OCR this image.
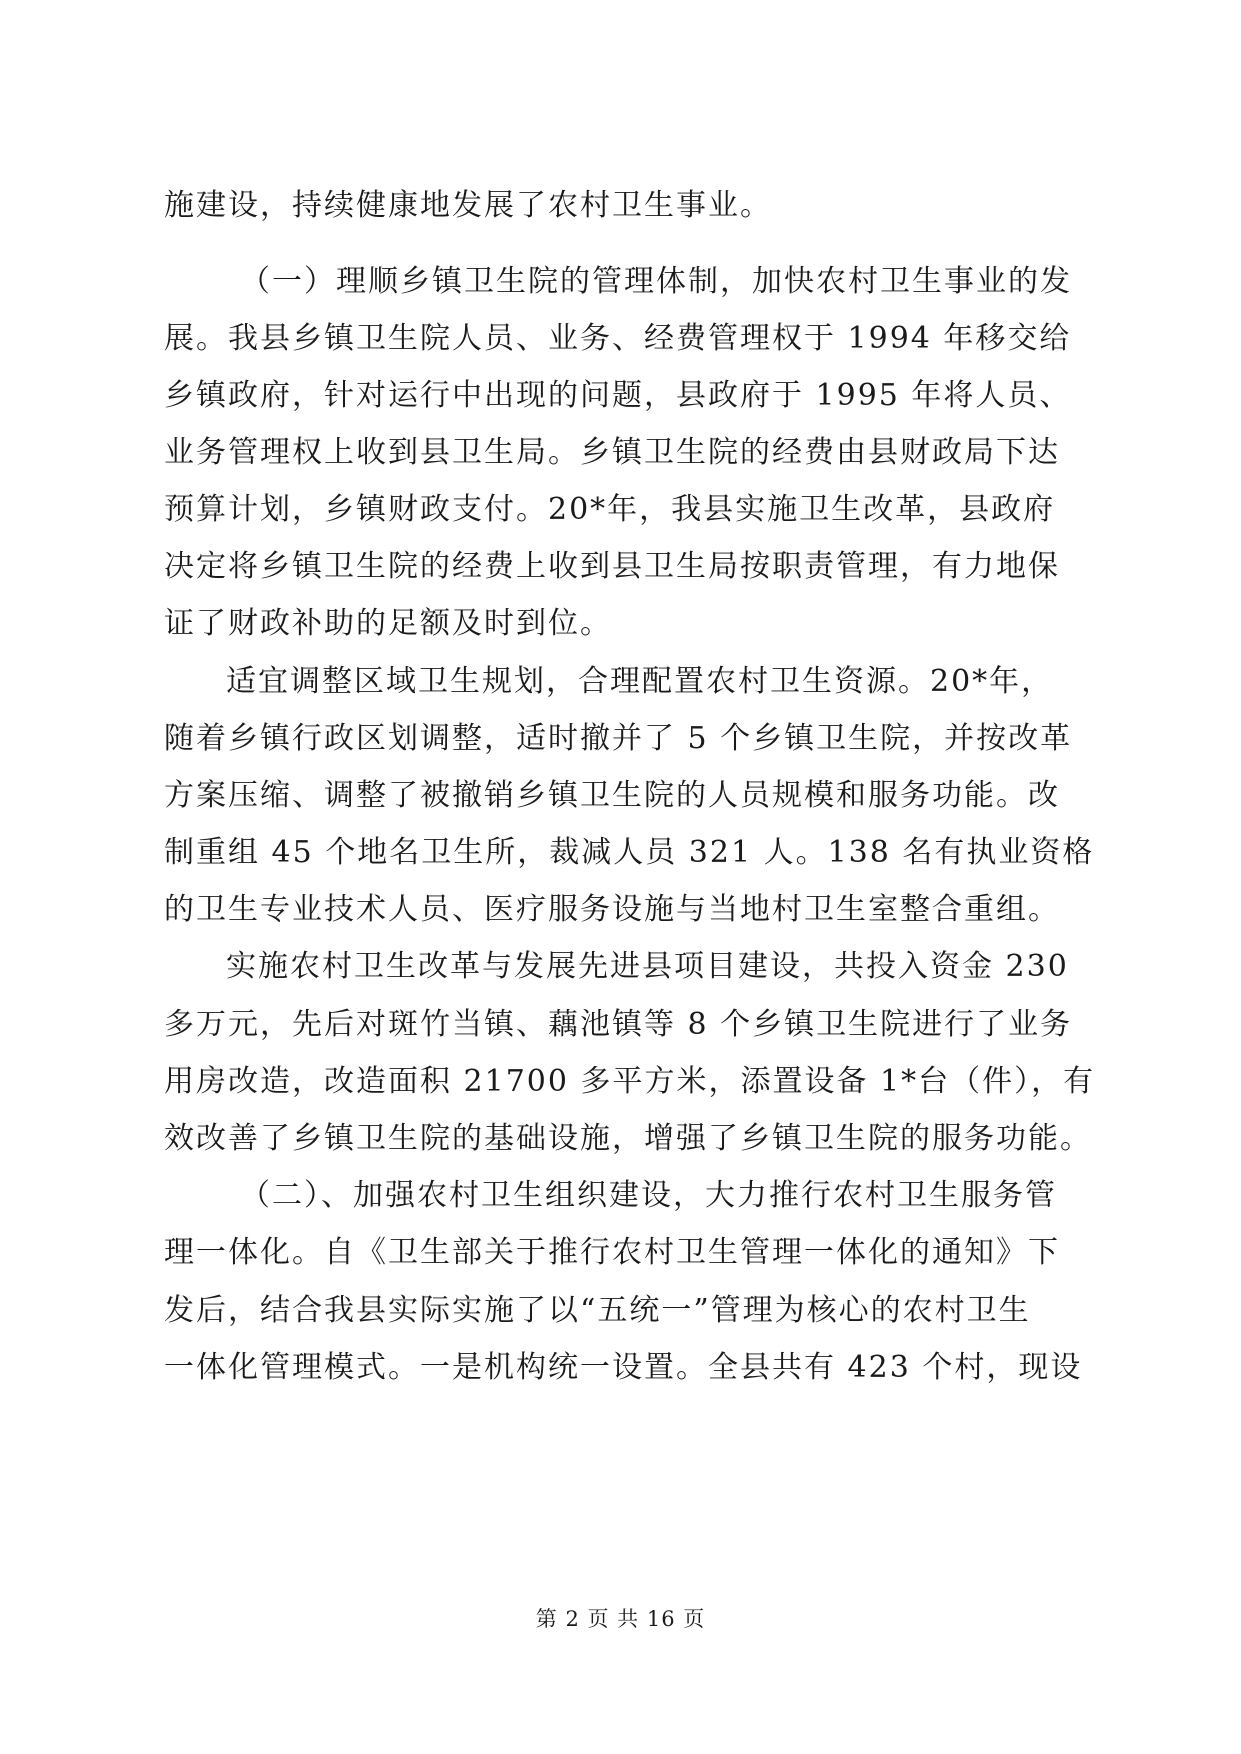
施建设，持续健康地发展了农村卫生事业。
（一）理顺乡镇卫生院的管理体制，加快农村卫生事业的发
展。我县乡镇卫生院人员、业务、经费管理权于 1994 年移交给
乡镇政府，针对运行中出现的问题，县政府于 1995 年将人员、
业务管理权上收到县卫生局。乡镇卫生院的经费由县财政局下达
预算计划，乡镇财政支付。20*年，我县实施卫生改革，县政府
决定将乡镇卫生院的经费上收到县卫生局按职责管理，有力地保
证了财政补助的足额及时到位。
适宜调整区域卫生规划，合理配置农村卫生资源。20*年，
随着乡镇行政区划调整，适时撤并了 5 个乡镇卫生院，并按改革
方案压缩、调整了被撤销乡镇卫生院的人员规模和服务功能。改
制重组 45 个地名卫生所，裁减人员 321 人。138 名有执业资格
的卫生专业技术人员、医疗服务设施与当地村卫生室整合重组。
实施农村卫生改革与发展先进县项目建设，共投入资金 230
多万元，先后对斑竹当镇、藕池镇等 8 个乡镇卫生院进行了业务
用房改造，改造面积 21700 多平方米，添置设备 1*台（件），有
效改善了乡镇卫生院的基础设施，增强了乡镇卫生院的服务功能。
（二）、加强农村卫生组织建设，大力推行农村卫生服务管
理一体化。自《卫生部关于推行农村卫生管理一体化的通知》下
发后，结合我县实际实施了以“五统一”管理为核心的农村卫生
一体化管理模式。一是机构统一设置。全县共有 423 个村，现设
第 2 页 共 16 页
